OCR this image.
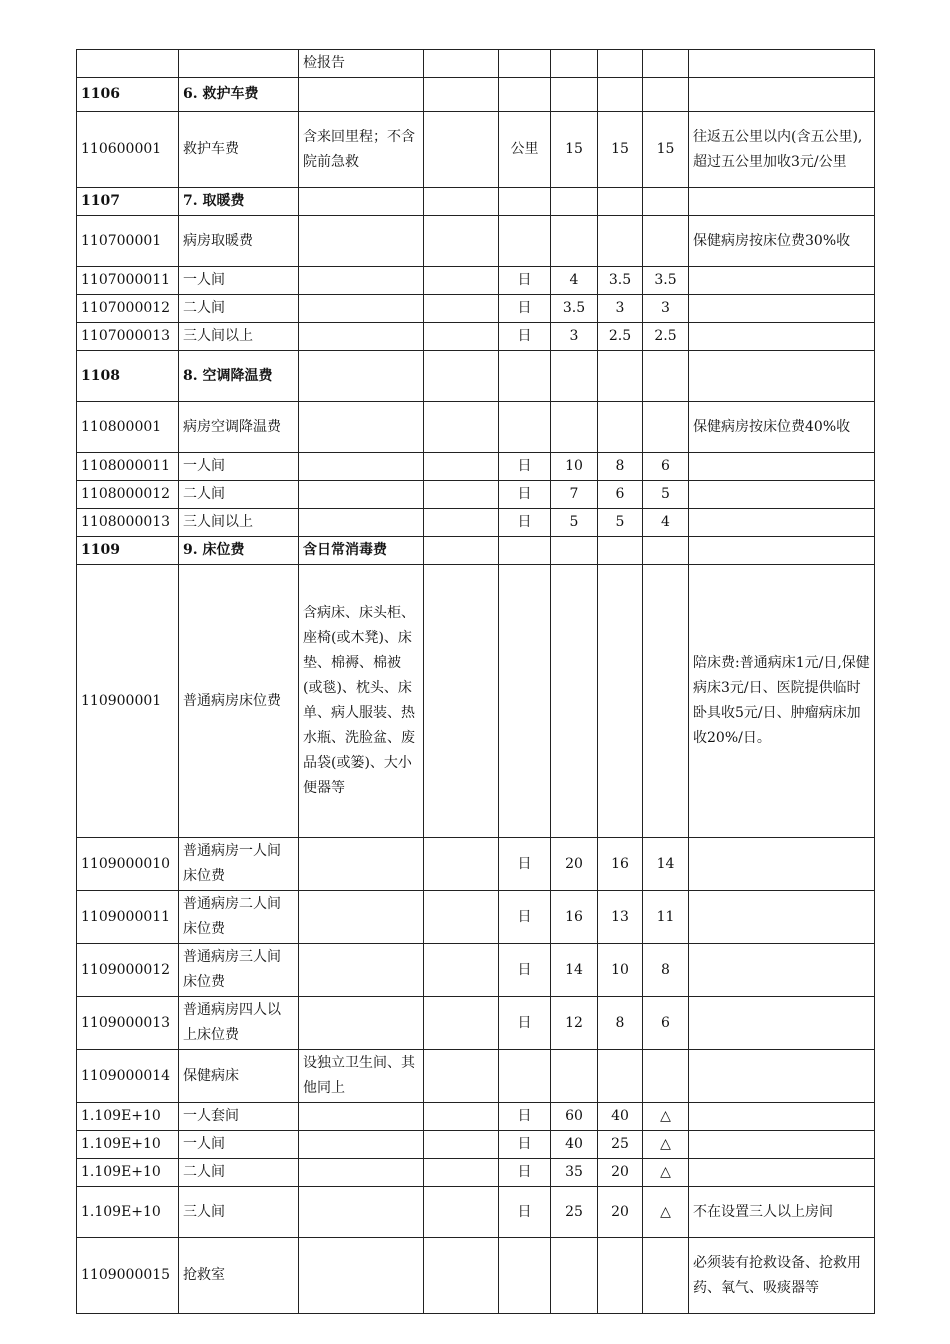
		检报告						
1106	6. 救护车费							
110600001	救护车费	含来回里程；不含院前急救		公里	15	15	15	往返五公里以内(含五公里),超过五公里加收3元/公里
1107	7. 取暖费							
110700001	病房取暖费							保健病房按床位费30%收
1107000011	一人间			日	4	3.5	3.5	
1107000012	二人间			日	3.5	3	3	
1107000013	三人间以上			日	3	2.5	2.5	
1108	8. 空调降温费							
110800001	病房空调降温费							保健病房按床位费40%收
1108000011	一人间			日	10	8	6	
1108000012	二人间			日	7	6	5	
1108000013	三人间以上			日	5	5	4	
1109	9. 床位费	含日常消毒费						
110900001	普通病房床位费	含病床、床头柜、座椅(或木凳)、床垫、棉褥、棉被(或毯)、枕头、床单、病人服装、热水瓶、洗脸盆、废品袋(或篓)、大小便器等						陪床费:普通病床1元/日,保健病床3元/日、医院提供临时卧具收5元/日、肿瘤病床加收20%/日。
1109000010	普通病房一人间床位费			日	20	16	14	
1109000011	普通病房二人间床位费			日	16	13	11	
1109000012	普通病房三人间床位费			日	14	10	8	
1109000013	普通病房四人以上床位费			日	12	8	6	
1109000014	保健病床	设独立卫生间、其他同上						
1.109E+10	一人套间			日	60	40	△	
1.109E+10	一人间			日	40	25	△	
1.109E+10	二人间			日	35	20	△	
1.109E+10	三人间			日	25	20	△	不在设置三人以上房间
1109000015	抢救室							必须装有抢救设备、抢救用药、氧气、吸痰器等
